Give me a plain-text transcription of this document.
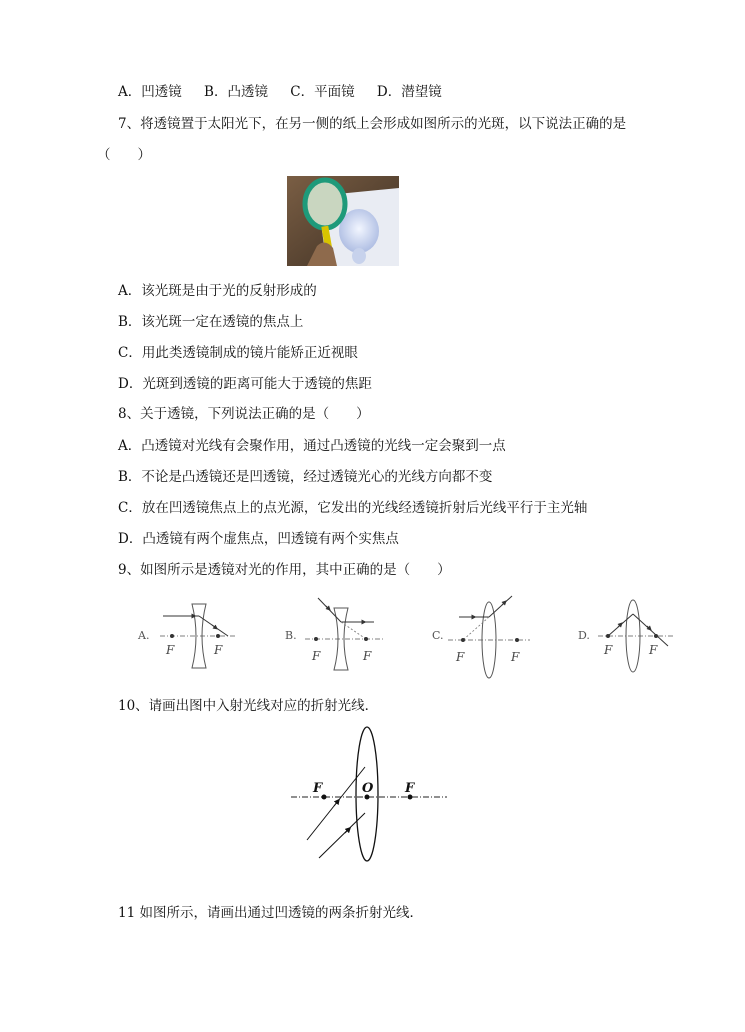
A．凹透镜 B．凸透镜 C．平面镜 D．潜望镜
7、将透镜置于太阳光下，在另一侧的纸上会形成如图所示的光斑，以下说法正确的是
（　　）
A．该光斑是由于光的反射形成的
B．该光斑一定在透镜的焦点上
C．用此类透镜制成的镜片能矫正近视眼
D．光斑到透镜的距离可能大于透镜的焦距
8、关于透镜，下列说法正确的是（　　）
A．凸透镜对光线有会聚作用，通过凸透镜的光线一定会聚到一点
B．不论是凸透镜还是凹透镜，经过透镜光心的光线方向都不变
C．放在凹透镜焦点上的点光源，它发出的光线经透镜折射后光线平行于主光轴
D．凸透镜有两个虚焦点，凹透镜有两个实焦点
9、如图所示是透镜对光的作用，其中正确的是（　　）
A.
F	F
B.
F	F
C.
F	F
D.
F	F
10、请画出图中入射光线对应的折射光线．
F	O F
11 如图所示，请画出通过凹透镜的两条折射光线．
